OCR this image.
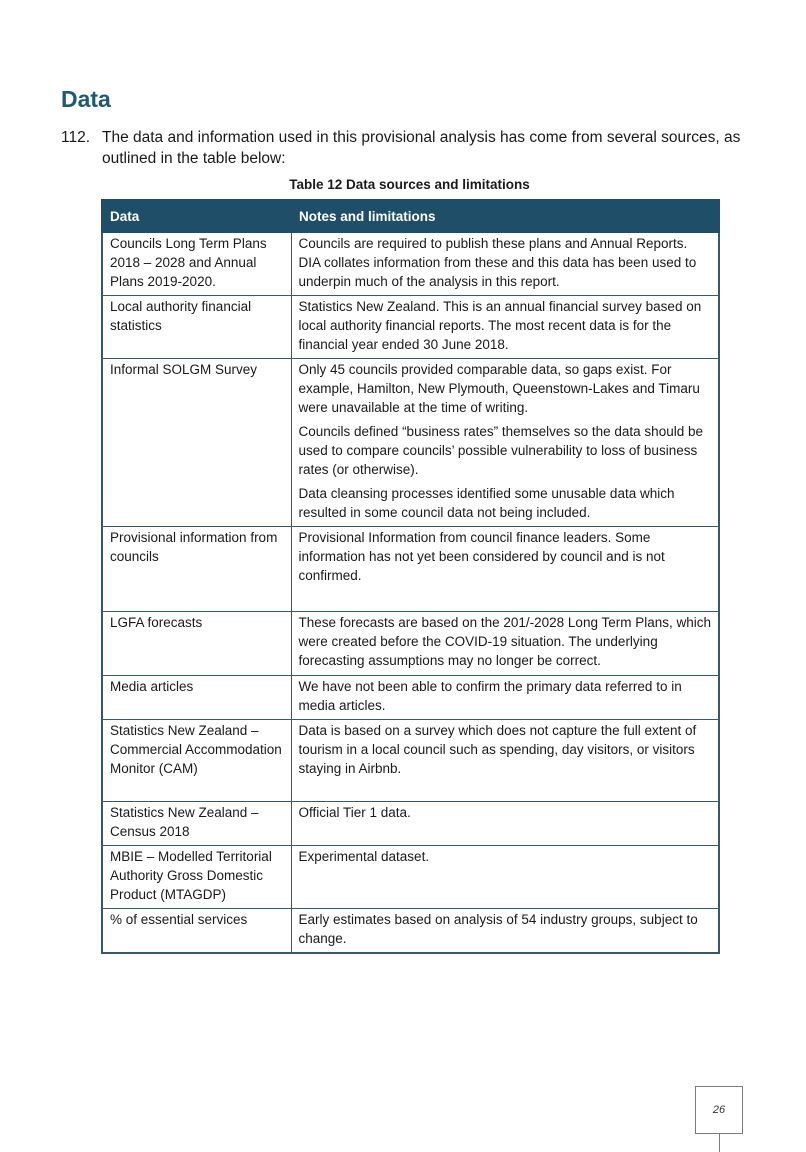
Data
112. The data and information used in this provisional analysis has come from several sources, as outlined in the table below:
Table 12 Data sources and limitations
Data	Notes and limitations
Councils Long Term Plans 2018 – 2028 and Annual Plans 2019-2020.	Councils are required to publish these plans and Annual Reports. DIA collates information from these and this data has been used to underpin much of the analysis in this report.

Local authority financial statistics	Statistics New Zealand. This is an annual financial survey based on local authority financial reports. The most recent data is for the financial year ended 30 June 2018.

Informal SOLGM Survey	Only 45 councils provided comparable data, so gaps exist. For example, Hamilton, New Plymouth, Queenstown-Lakes and Timaru were unavailable at the time of writing.

Councils defined “business rates” themselves so the data should be used to compare councils’ possible vulnerability to loss of business rates (or otherwise).

Data cleansing processes identified some unusable data which resulted in some council data not being included.

Provisional information from councils	Provisional Information from council finance leaders. Some information has not yet been considered by council and is not confirmed.

LGFA forecasts	These forecasts are based on the 201/-2028 Long Term Plans, which were created before the COVID-19 situation. The underlying forecasting assumptions may no longer be correct.

Media articles	We have not been able to confirm the primary data referred to in media articles.

Statistics New Zealand – Commercial Accommodation Monitor (CAM)	Data is based on a survey which does not capture the full extent of tourism in a local council such as spending, day visitors, or visitors staying in Airbnb.

Statistics New Zealand – Census 2018	Official Tier 1 data.

MBIE – Modelled Territorial Authority Gross Domestic Product (MTAGDP)	Experimental dataset.

% of essential services	Early estimates based on analysis of 54 industry groups, subject to change.

26
